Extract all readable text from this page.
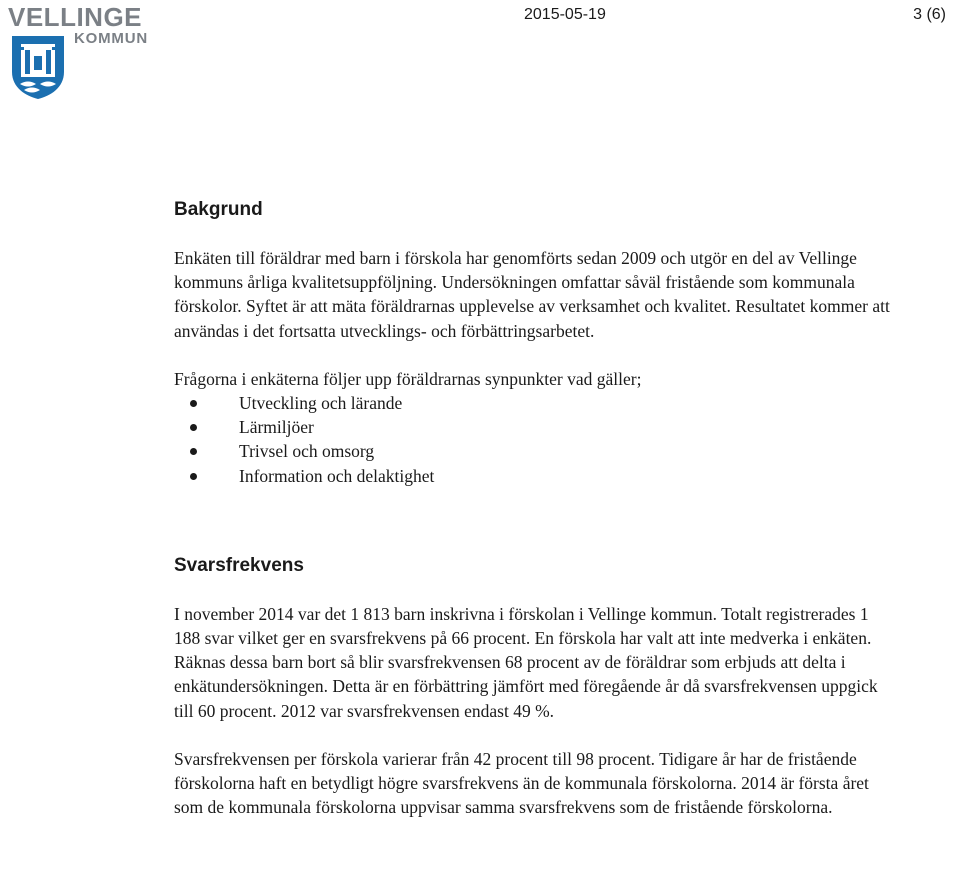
VELLINGE
KOMMUN
2015-05-19	3 (6)
Bakgrund

Enkäten till föräldrar med barn i förskola har genomförts sedan 2009 och utgör en del av Vellinge kommuns årliga kvalitetsuppföljning. Undersökningen omfattar såväl fristående som kommunala förskolor. Syftet är att mäta föräldrarnas upplevelse av verksamhet och kvalitet. Resultatet kommer att användas i det fortsatta utvecklings- och förbättringsarbetet.

Frågorna i enkäterna följer upp föräldrarnas synpunkter vad gäller;

Utveckling och lärande
Lärmiljöer
Trivsel och omsorg
Information och delaktighet
Svarsfrekvens

I november 2014 var det 1 813 barn inskrivna i förskolan i Vellinge kommun. Totalt registrerades 1 188 svar vilket ger en svarsfrekvens på 66 procent. En förskola har valt att inte medverka i enkäten. Räknas dessa barn bort så blir svarsfrekvensen 68 procent av de föräldrar som erbjuds att delta i enkätundersökningen. Detta är en förbättring jämfört med föregående år då svarsfrekvensen uppgick till 60 procent. 2012 var svarsfrekvensen endast 49 %.

Svarsfrekvensen per förskola varierar från 42 procent till 98 procent. Tidigare år har de fristående förskolorna haft en betydligt högre svarsfrekvens än de kommunala förskolorna. 2014 är första året som de kommunala förskolorna uppvisar samma svarsfrekvens som de fristående förskolorna.
